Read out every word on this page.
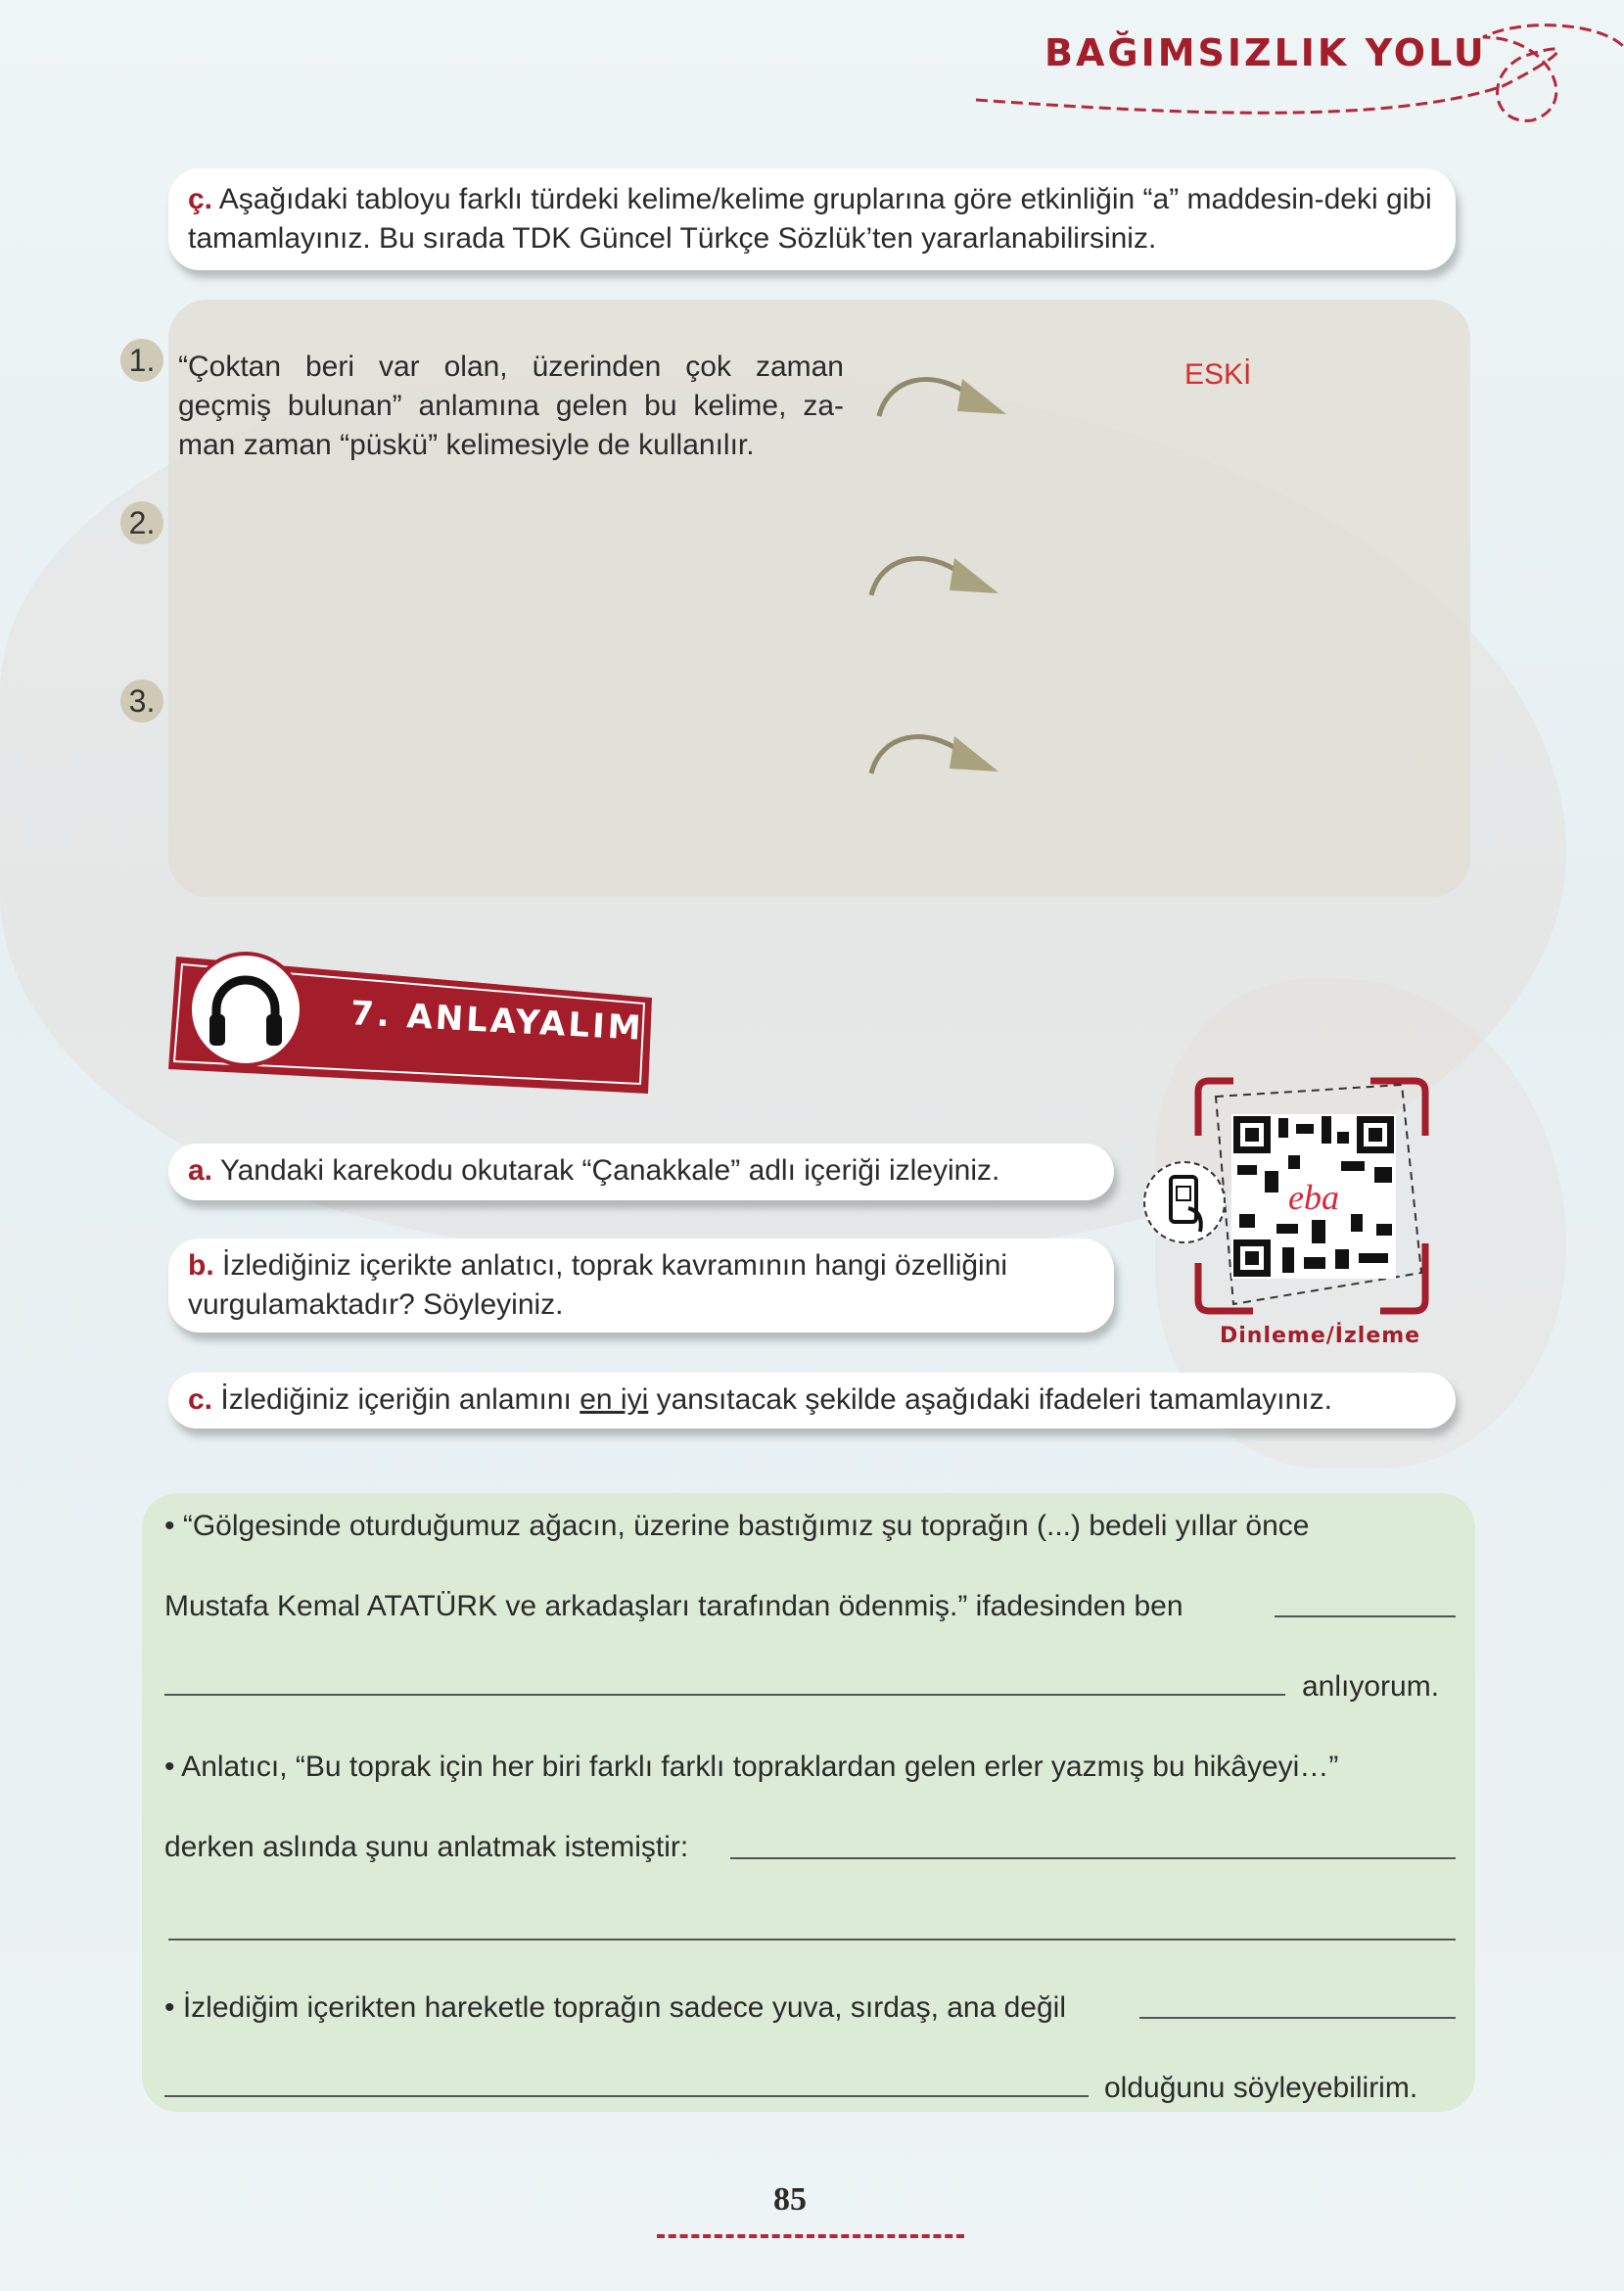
BAĞIMSIZLIK YOLU
ç. Aşağıdaki tabloyu farklı türdeki kelime/kelime gruplarına göre etkinliğin “a” maddesin-deki gibi tamamlayınız. Bu sırada TDK Güncel Türkçe Sözlük’ten yararlanabilirsiniz.
1.
2.
3.
“Çoktan beri var olan, üzerinden çok zaman geçmiş bulunan” anlamına gelen bu kelime, za-man zaman “püskü” kelimesiyle de kullanılır.
ESKİ
7. ANLAYALIM
a. Yandaki karekodu okutarak “Çanakkale” adlı içeriği izleyiniz.
b. İzlediğiniz içerikte anlatıcı, toprak kavramının hangi özelliğini vurgulamaktadır? Söyleyiniz.
eba
Dinleme/İzleme
c. İzlediğiniz içeriğin anlamını en iyi yansıtacak şekilde aşağıdaki ifadeleri tamamlayınız.
• “Gölgesinde oturduğumuz ağacın, üzerine bastığımız şu toprağın (...) bedeli yıllar önce
Mustafa Kemal ATATÜRK ve arkadaşları tarafından ödenmiş.” ifadesinden ben
anlıyorum.
• Anlatıcı, “Bu toprak için her biri farklı farklı topraklardan gelen erler yazmış bu hikâyeyi…”
derken aslında şunu anlatmak istemiştir:
• İzlediğim içerikten hareketle toprağın sadece yuva, sırdaş, ana değil
olduğunu söyleyebilirim.
85
